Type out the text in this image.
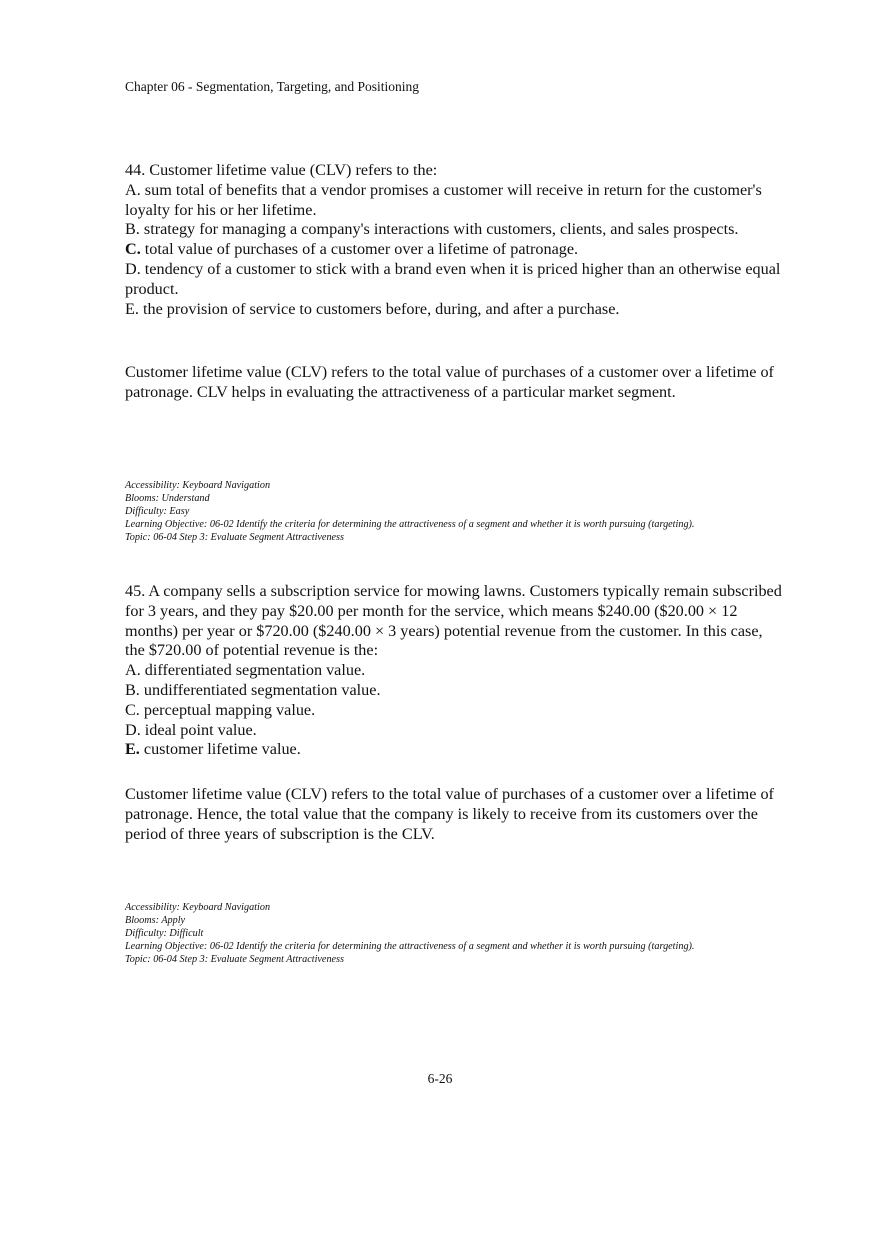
Chapter 06 - Segmentation, Targeting, and Positioning

44. Customer lifetime value (CLV) refers to the:

A. sum total of benefits that a vendor promises a customer will receive in return for the customer's loyalty for his or her lifetime.

B. strategy for managing a company's interactions with customers, clients, and sales prospects.

C. total value of purchases of a customer over a lifetime of patronage.

D. tendency of a customer to stick with a brand even when it is priced higher than an otherwise equal product.

E. the provision of service to customers before, during, and after a purchase.

Customer lifetime value (CLV) refers to the total value of purchases of a customer over a lifetime of patronage. CLV helps in evaluating the attractiveness of a particular market segment.
Accessibility: Keyboard Navigation
Blooms: Understand
Difficulty: Easy
Learning Objective: 06-02 Identify the criteria for determining the attractiveness of a segment and whether it is worth pursuing (targeting).
Topic: 06-04 Step 3: Evaluate Segment Attractiveness

45. A company sells a subscription service for mowing lawns. Customers typically remain subscribed for 3 years, and they pay $20.00 per month for the service, which means $240.00 ($20.00 × 12 months) per year or $720.00 ($240.00 × 3 years) potential revenue from the customer. In this case, the $720.00 of potential revenue is the:

A. differentiated segmentation value.

B. undifferentiated segmentation value.

C. perceptual mapping value.

D. ideal point value.

E. customer lifetime value.

Customer lifetime value (CLV) refers to the total value of purchases of a customer over a lifetime of patronage. Hence, the total value that the company is likely to receive from its customers over the period of three years of subscription is the CLV.
Accessibility: Keyboard Navigation
Blooms: Apply
Difficulty: Difficult
Learning Objective: 06-02 Identify the criteria for determining the attractiveness of a segment and whether it is worth pursuing (targeting).
Topic: 06-04 Step 3: Evaluate Segment Attractiveness
6-26
